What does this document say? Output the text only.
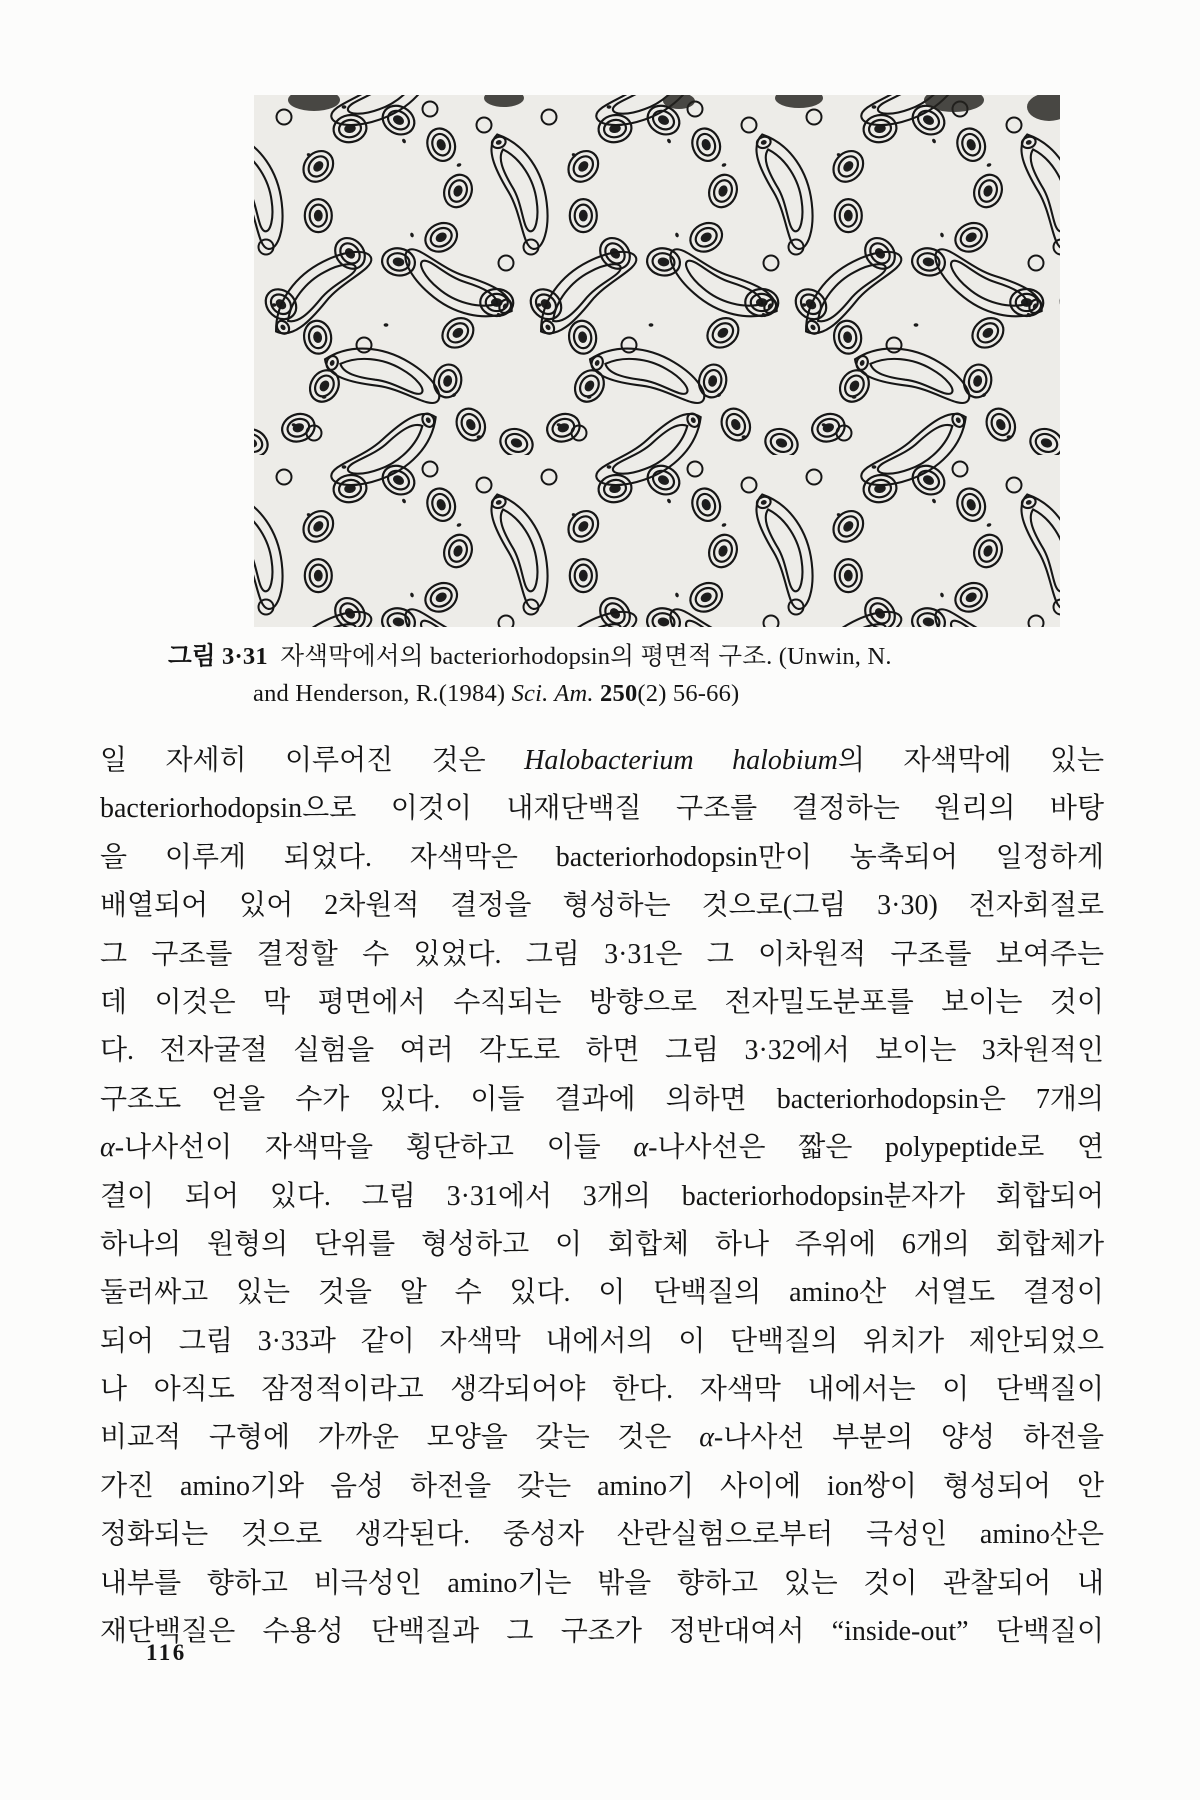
그림 3·31  자색막에서의 bacteriorhodopsin의 평면적 구조. (Unwin, N.
and Henderson, R.(1984) Sci. Am. 250(2) 56-66)
일 자세히 이루어진 것은 Halobacterium halobium의 자색막에 있는
bacteriorhodopsin으로 이것이 내재단백질 구조를 결정하는 원리의 바탕
을 이루게 되었다. 자색막은 bacteriorhodopsin만이 농축되어 일정하게
배열되어 있어 2차원적 결정을 형성하는 것으로(그림 3·30) 전자회절로
그 구조를 결정할 수 있었다. 그림 3·31은 그 이차원적 구조를 보여주는
데 이것은 막 평면에서 수직되는 방향으로 전자밀도분포를 보이는 것이
다. 전자굴절 실험을 여러 각도로 하면 그림 3·32에서 보이는 3차원적인
구조도 얻을 수가 있다. 이들 결과에 의하면 bacteriorhodopsin은 7개의
α-나사선이 자색막을 횡단하고 이들 α-나사선은 짧은 polypeptide로 연
결이 되어 있다. 그림 3·31에서 3개의 bacteriorhodopsin분자가 회합되어
하나의 원형의 단위를 형성하고 이 회합체 하나 주위에 6개의 회합체가
둘러싸고 있는 것을 알 수 있다. 이 단백질의 amino산 서열도 결정이
되어 그림 3·33과 같이 자색막 내에서의 이 단백질의 위치가 제안되었으
나 아직도 잠정적이라고 생각되어야 한다. 자색막 내에서는 이 단백질이
비교적 구형에 가까운 모양을 갖는 것은 α-나사선 부분의 양성 하전을
가진 amino기와 음성 하전을 갖는 amino기 사이에 ion쌍이 형성되어 안
정화되는 것으로 생각된다. 중성자 산란실험으로부터 극성인 amino산은
내부를 향하고 비극성인 amino기는 밖을 향하고 있는 것이 관찰되어 내
재단백질은 수용성 단백질과 그 구조가 정반대여서 “inside-out” 단백질이
116
